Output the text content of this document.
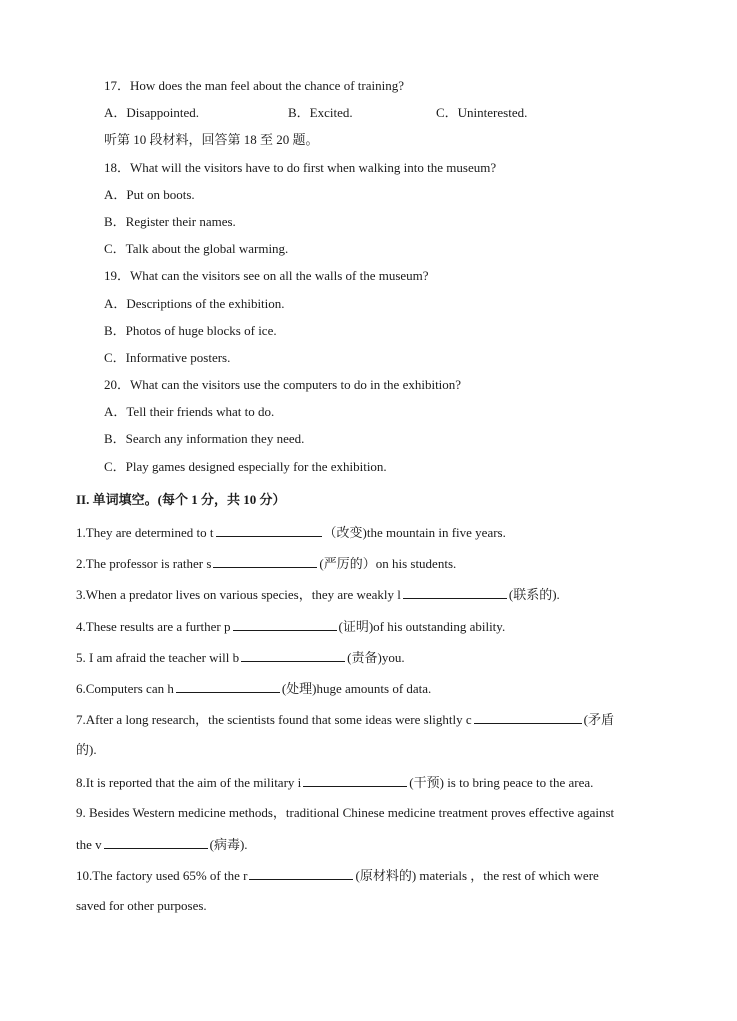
17．How does the man feel about the chance of training?
A．Disappointed.	B．Excited.	C．Uninterested.
听第 10 段材料，回答第 18 至 20 题。
18．What will the visitors have to do first when walking into the museum?
A．Put on boots.
B．Register their names.
C．Talk about the global warming.
19．What can the visitors see on all the walls of the museum?
A．Descriptions of the exhibition.
B．Photos of huge blocks of ice.
C．Informative posters.
20．What can the visitors use the computers to do in the exhibition?
A．Tell their friends what to do.
B．Search any information they need.
C．Play games designed especially for the exhibition.
II. 单词填空。(每个 1 分，共 10 分）
1.They are determined to t	（改变)the mountain in five years.
2.The professor is rather s	(严厉的）on his students.
3.When a predator lives on various species，they are weakly l	(联系的).
4.These results are a further p	(证明)of his outstanding ability.
5. I am afraid the teacher will b	(责备)you.
6.Computers can h	(处理)huge amounts of data.
7.After a long research，the scientists found that some ideas were slightly c	(矛盾
的).
8.It is reported that the aim of the military i	(干预) is to bring peace to the area.
9. Besides Western medicine methods，traditional Chinese medicine treatment proves effective against
the v	(病毒).
10.The factory used 65% of the r	(原材料的) materials ，the rest of which were
saved for other purposes.
